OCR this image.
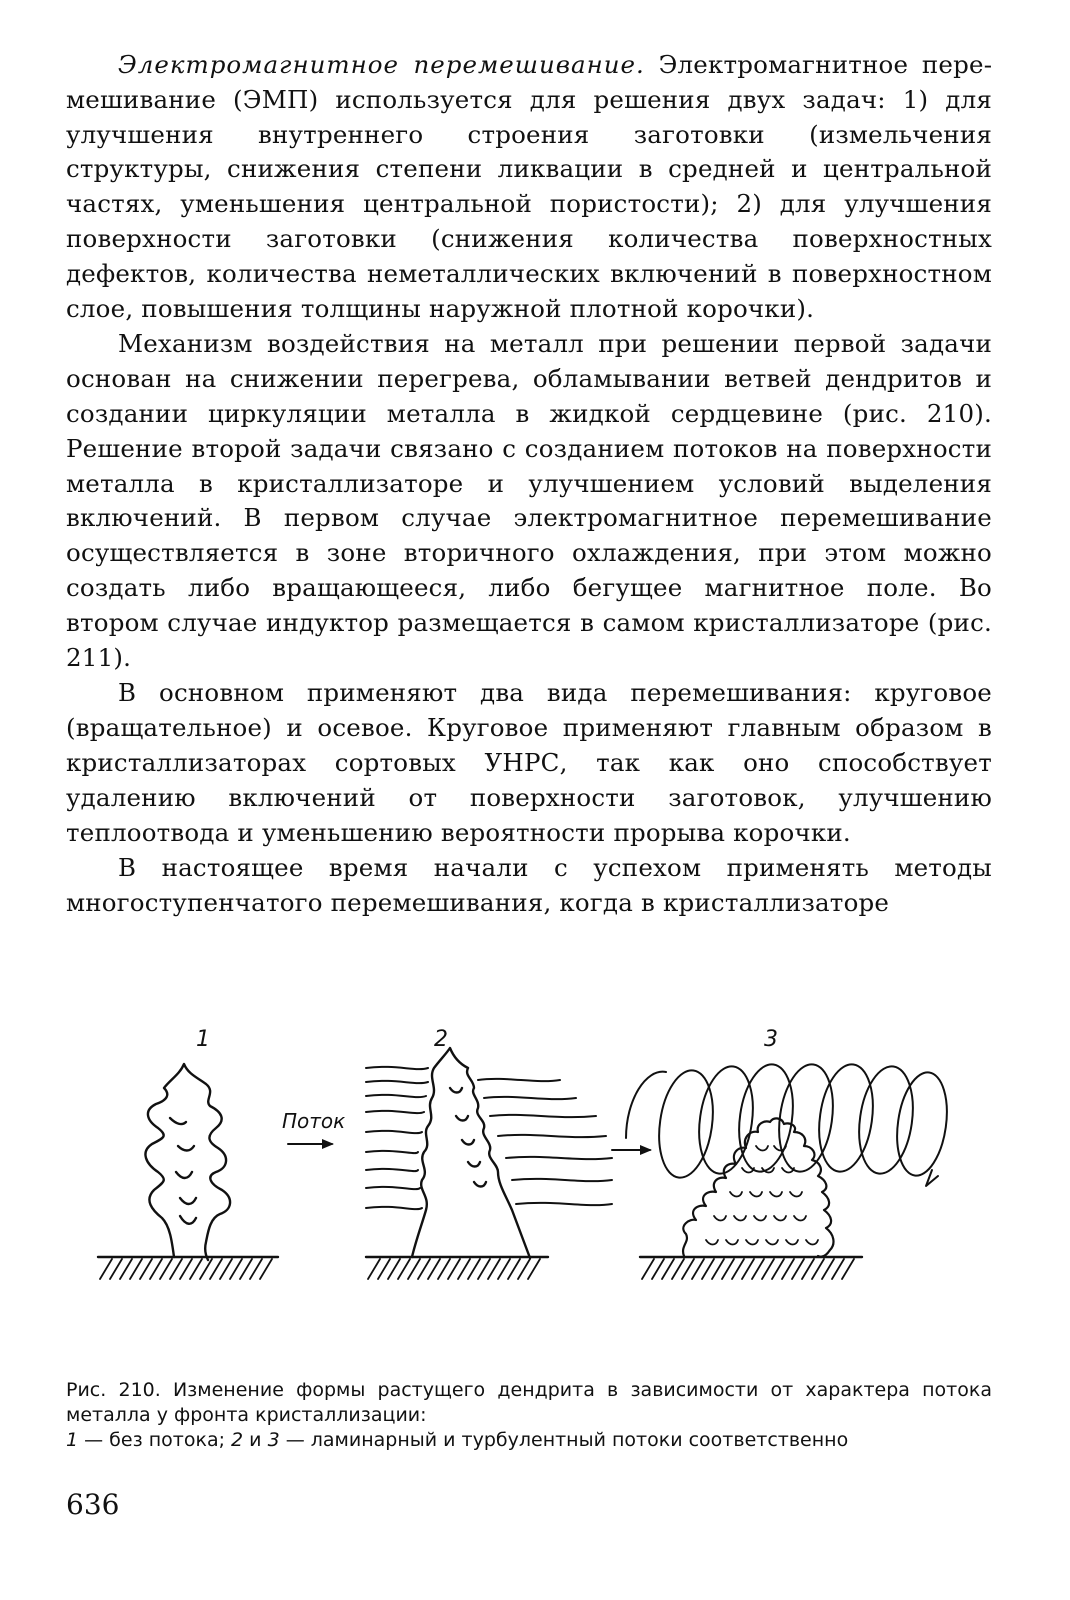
Электромагнитное перемешивание. Электромагнитное перемешивание (ЭМП) используется для решения двух задач: 1) для улучшения внутреннего строения заготовки (измельчения структуры, снижения степени ликвации в средней и центральной частях, уменьшения центральной пористости); 2) для улучшения поверхности заготовки (снижения количества поверхностных дефектов, количества неметаллических включений в поверхностном слое, повышения толщины наружной плотной корочки).

Механизм воздействия на металл при решении первой задачи основан на снижении перегрева, обламывании ветвей дендритов и создании циркуляции металла в жидкой сердцевине (рис. 210). Решение второй задачи связано с созданием потоков на поверхности металла в кристаллизаторе и улучшением условий выделения включений. В первом случае электромагнитное перемешивание осуществляется в зоне вторичного охлаждения, при этом можно создать либо вращающееся, либо бегущее магнитное поле. Во втором случае индуктор размещается в самом кристаллизаторе (рис. 211).

В основном применяют два вида перемешивания: круговое (вращательное) и осевое. Круговое применяют главным образом в кристаллизаторах сортовых УНРС, так как оно способствует удалению включений от поверхности заготовок, улучшению теплоотвода и уменьшению вероятности прорыва корочки.

В настоящее время начали с успехом применять методы многоступенчатого перемешивания, когда в кристаллизаторе

1
Поток
2	3

Рис. 210. Изменение формы растущего дендрита в зависимости от характера потока металла у фронта кристаллизации:

1 — без потока; 2 и 3 — ламинарный и турбулентный потоки соответственно

636
